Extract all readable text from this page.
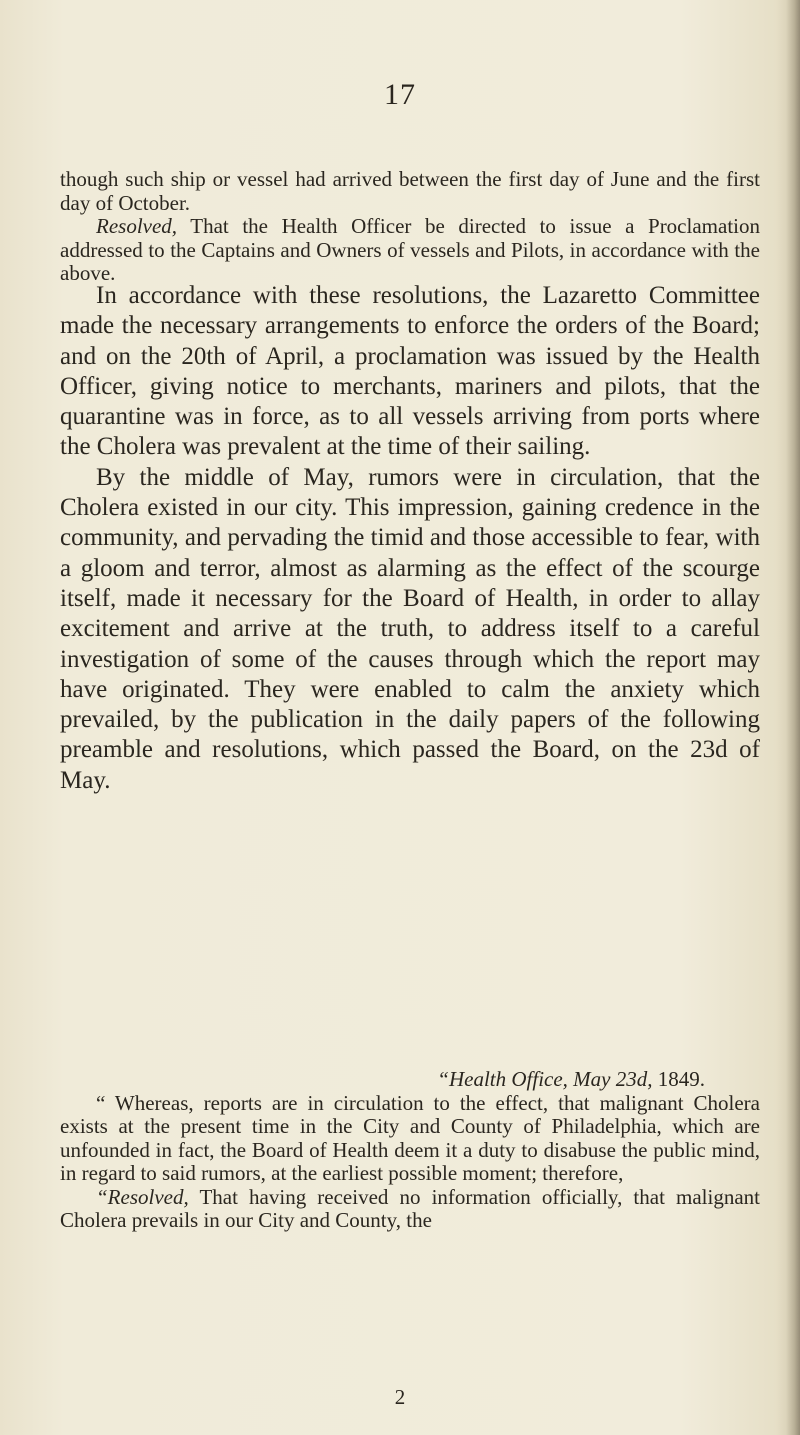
17

though such ship or vessel had arrived between the first day of June and the first day of October.

Resolved, That the Health Officer be directed to issue a Proclamation addressed to the Captains and Owners of vessels and Pilots, in accordance with the above.

In accordance with these resolutions, the Lazaretto Committee made the necessary arrangements to enforce the orders of the Board; and on the 20th of April, a proclamation was issued by the Health Officer, giving notice to merchants, mariners and pilots, that the quarantine was in force, as to all vessels arriving from ports where the Cholera was prevalent at the time of their sailing.

By the middle of May, rumors were in circulation, that the Cholera existed in our city. This impression, gaining credence in the community, and pervading the timid and those accessible to fear, with a gloom and terror, almost as alarming as the effect of the scourge itself, made it necessary for the Board of Health, in order to allay excitement and arrive at the truth, to address itself to a careful investigation of some of the causes through which the report may have originated. They were enabled to calm the anxiety which prevailed, by the publication in the daily papers of the following preamble and resolutions, which passed the Board, on the 23d of May.

“Health Office, May 23d, 1849.

“ Whereas, reports are in circulation to the effect, that malignant Cholera exists at the present time in the City and County of Philadelphia, which are unfounded in fact, the Board of Health deem it a duty to disabuse the public mind, in regard to said rumors, at the earliest possible moment; therefore,

“Resolved, That having received no information officially, that malignant Cholera prevails in our City and County, the

2
